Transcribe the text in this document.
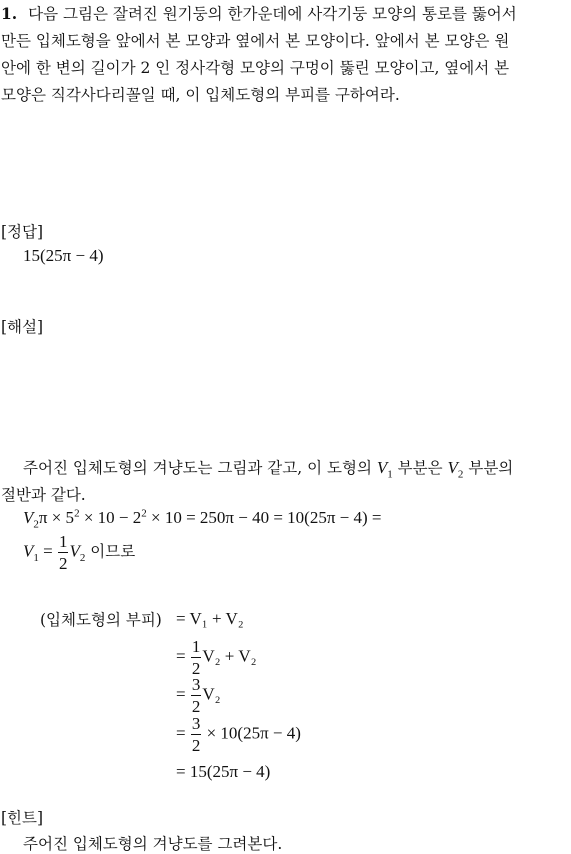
1. 다음 그림은 잘려진 원기둥의 한가운데에 사각기둥 모양의 통로를 뚫어서
만든 입체도형을 앞에서 본 모양과 옆에서 본 모양이다. 앞에서 본 모양은 원
안에 한 변의 길이가 2 인 정사각형 모양의 구멍이 뚫린 모양이고, 옆에서 본
모양은 직각사다리꼴일 때, 이 입체도형의 부피를 구하여라.
[정답]
15(25π − 4)
[해설]
주어진 입체도형의 겨냥도는 그림과 같고, 이 도형의 $V_1$ 부분은 $V_2$ 부분의
절반과 같다.
$V_2\pi \times 5^2 \times 10 - 2^2 \times 10 = 250\pi - 40 = 10(25\pi - 4)$ =
$V_1 = \frac{1}{2} V_2$ 이므로
(입체도형의 부피) = V₁ + V₂
= $\frac{1}{2} V_2 + V_2$
= $\frac{3}{2} V_2$
= $\frac{3}{2} \times 10(25\pi - 4)$
= 15(25π − 4)
[힌트]
주어진 입체도형의 겨냥도를 그려본다.
